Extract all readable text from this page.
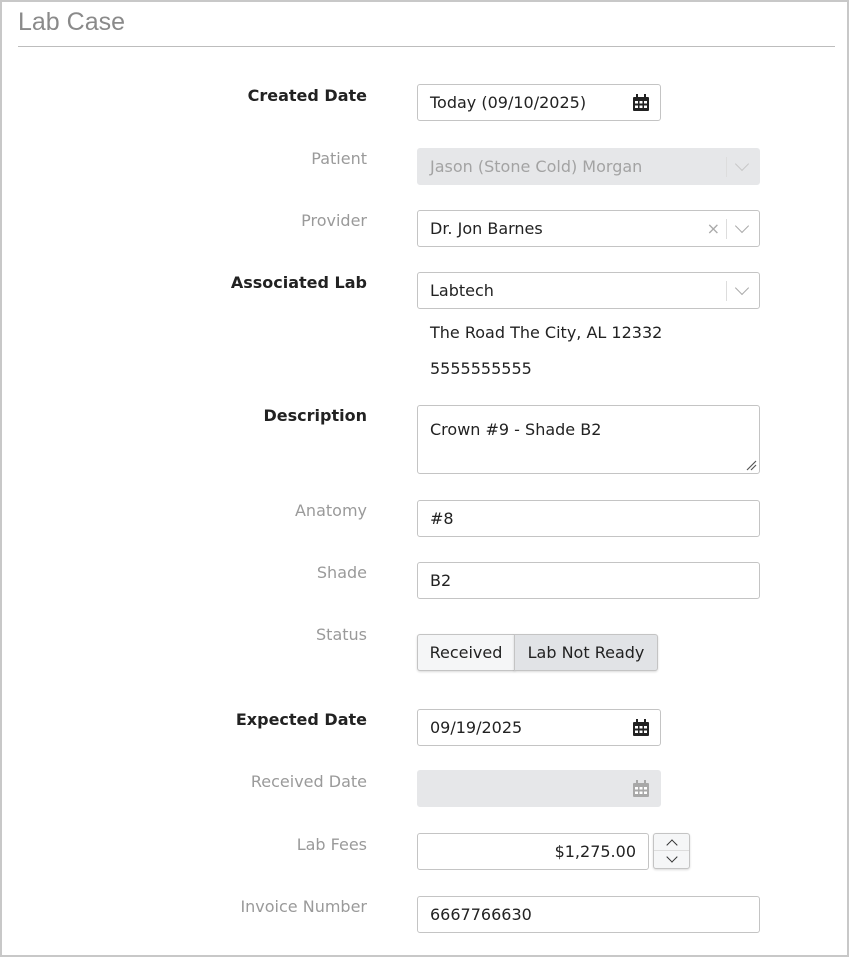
Lab Case
Created Date	Today (09/10/2025)
Patient	Jason (Stone Cold) Morgan
Provider	Dr. Jon Barnes	×
Associated Lab	Labtech
The Road The City, AL 12332
5555555555
Description
Crown #9 - Shade B2
Anatomy	#8
Shade	B2
Status
Received	Lab Not Ready
Expected Date	09/19/2025
Received Date
Lab Fees	$1,275.00
Invoice Number	6667766630
